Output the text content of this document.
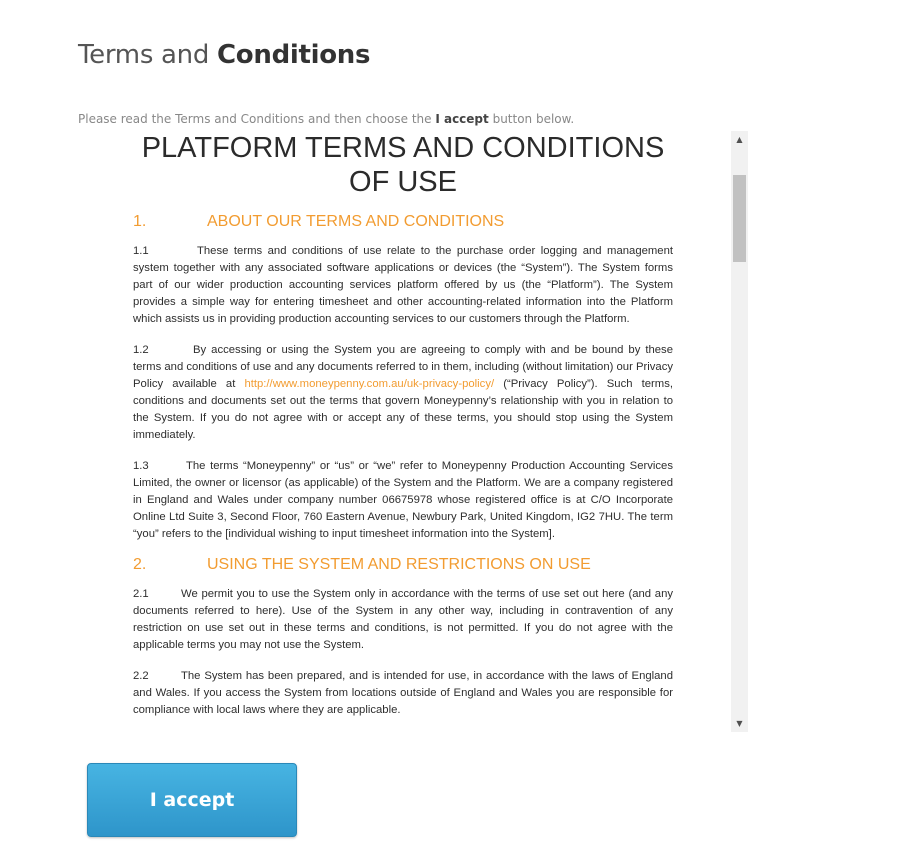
Terms and Conditions
Please read the Terms and Conditions and then choose the I accept button below.
PLATFORM TERMS AND CONDITIONS OF USE
1.	ABOUT OUR TERMS AND CONDITIONS

1.1	These terms and conditions of use relate to the purchase order logging and management system together with any associated software applications or devices (the “System”). The System forms part of our wider production accounting services platform offered by us (the “Platform”). The System provides a simple way for entering timesheet and other accounting-related information into the Platform which assists us in providing production accounting services to our customers through the Platform.

1.2	By accessing or using the System you are agreeing to comply with and be bound by these terms and conditions of use and any documents referred to in them, including (without limitation) our Privacy Policy available at http://www.moneypenny.com.au/uk-privacy-policy/ (“Privacy Policy”). Such terms, conditions and documents set out the terms that govern Moneypenny’s relationship with you in relation to the System. If you do not agree with or accept any of these terms, you should stop using the System immediately.

1.3	The terms “Moneypenny” or “us” or “we” refer to Moneypenny Production Accounting Services Limited, the owner or licensor (as applicable) of the System and the Platform. We are a company registered in England and Wales under company number 06675978 whose registered office is at C/O Incorporate Online Ltd Suite 3, Second Floor, 760 Eastern Avenue, Newbury Park, United Kingdom, IG2 7HU. The term “you” refers to the [individual wishing to input timesheet information into the System].

2.	USING THE SYSTEM AND RESTRICTIONS ON USE

2.1	We permit you to use the System only in accordance with the terms of use set out here (and any documents referred to here). Use of the System in any other way, including in contravention of any restriction on use set out in these terms and conditions, is not permitted. If you do not agree with the applicable terms you may not use the System.

2.2	The System has been prepared, and is intended for use, in accordance with the laws of England and Wales. If you access the System from locations outside of England and Wales you are responsible for compliance with local laws where they are applicable.

▲
▼
I accept
